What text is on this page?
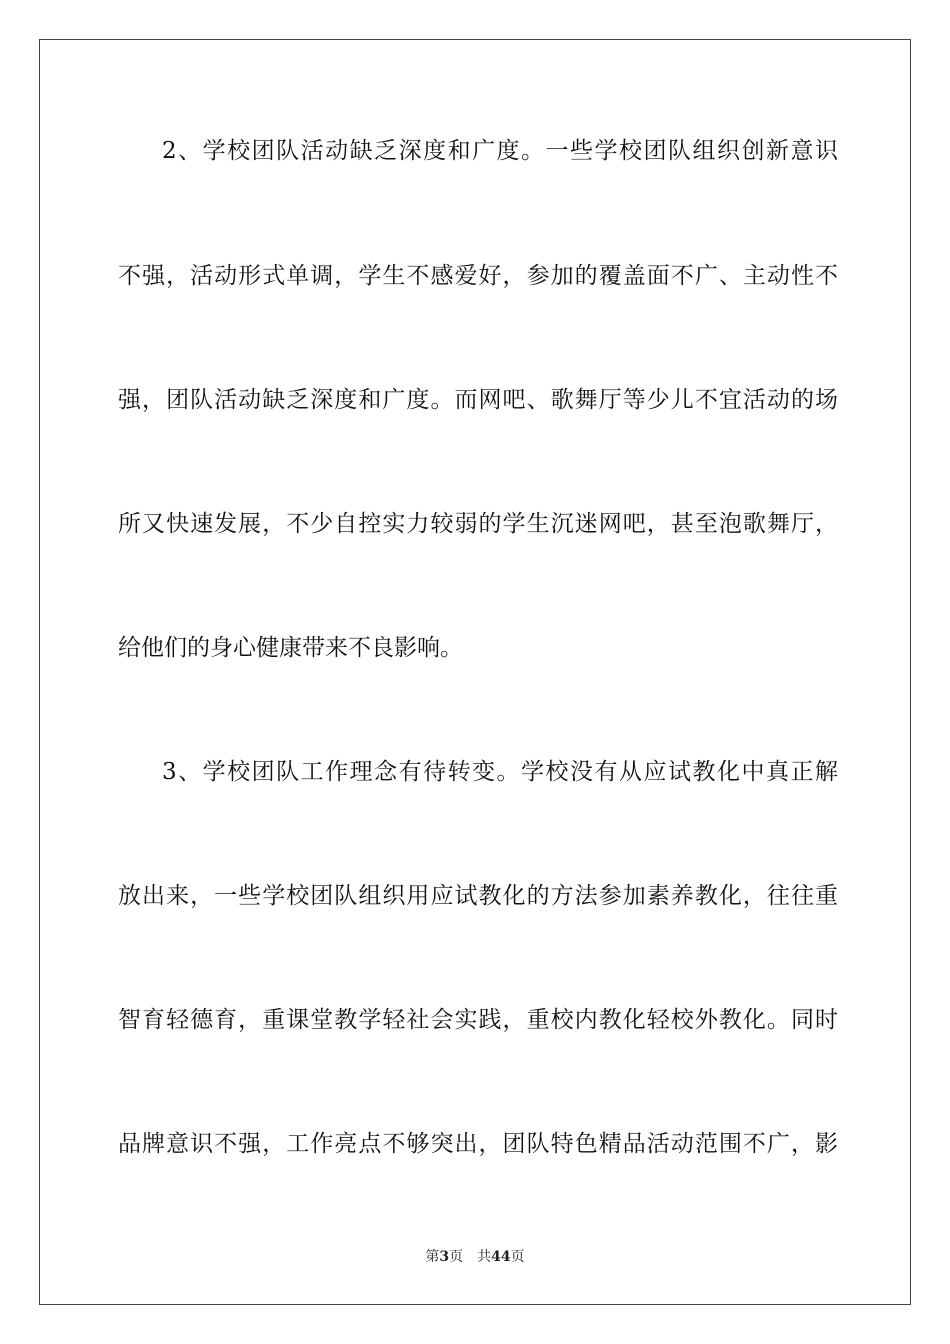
2、学校团队活动缺乏深度和广度。一些学校团队组织创新意识
不强，活动形式单调，学生不感爱好，参加的覆盖面不广、主动性不
强，团队活动缺乏深度和广度。而网吧、歌舞厅等少儿不宜活动的场
所又快速发展，不少自控实力较弱的学生沉迷网吧，甚至泡歌舞厅，
给他们的身心健康带来不良影响。
3、学校团队工作理念有待转变。学校没有从应试教化中真正解
放出来，一些学校团队组织用应试教化的方法参加素养教化，往往重
智育轻德育，重课堂教学轻社会实践，重校内教化轻校外教化。同时
品牌意识不强，工作亮点不够突出，团队特色精品活动范围不广，影
第3页 共44页
